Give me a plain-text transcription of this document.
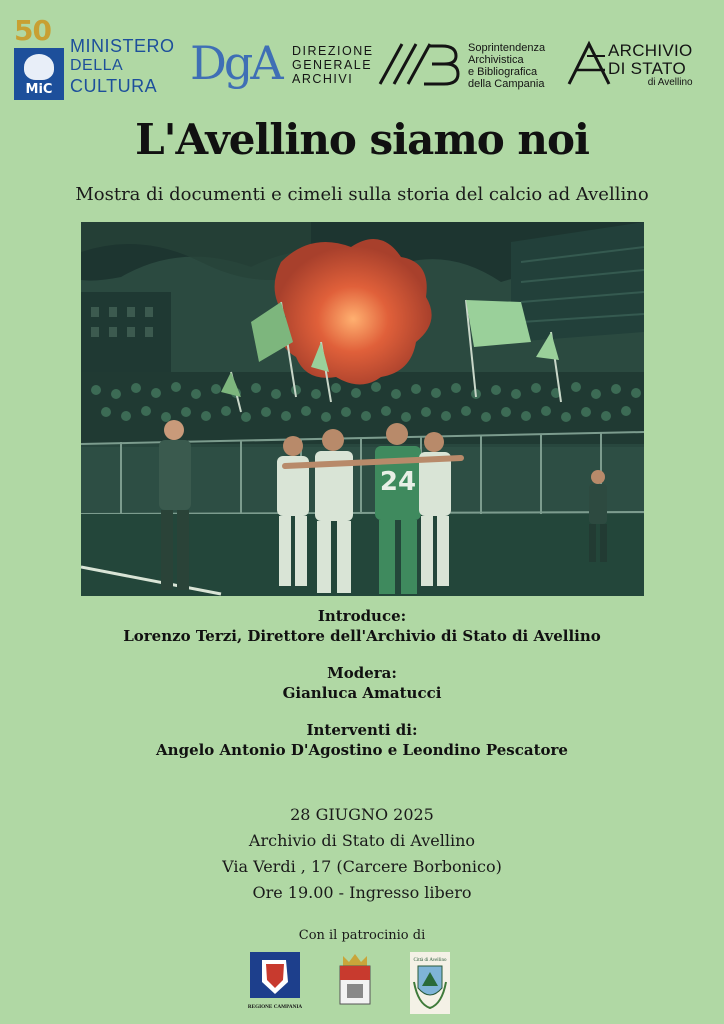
50
MiC
MINISTERO
DELLA
CULTURA DgA DIREZIONE
GENERALE
ARCHIVI
SAB
Soprintendenza
Archivistica
e Bibliografica
della Campania
ARCHIVIO
DI STATO
di Avellino
L'Avellino siamo noi
Mostra di documenti e cimeli sulla storia del calcio ad Avellino
24
Introduce:
Lorenzo Terzi, Direttore dell'Archivio di Stato di Avellino
Modera:
Gianluca Amatucci
Interventi di:
Angelo Antonio D'Agostino e Leondino Pescatore
28 GIUGNO 2025
Archivio di Stato di Avellino
Via Verdi , 17 (Carcere Borbonico)
Ore 19.00 - Ingresso libero
Con il patrocinio di
REGIONE CAMPANIA
Città di Avellino
